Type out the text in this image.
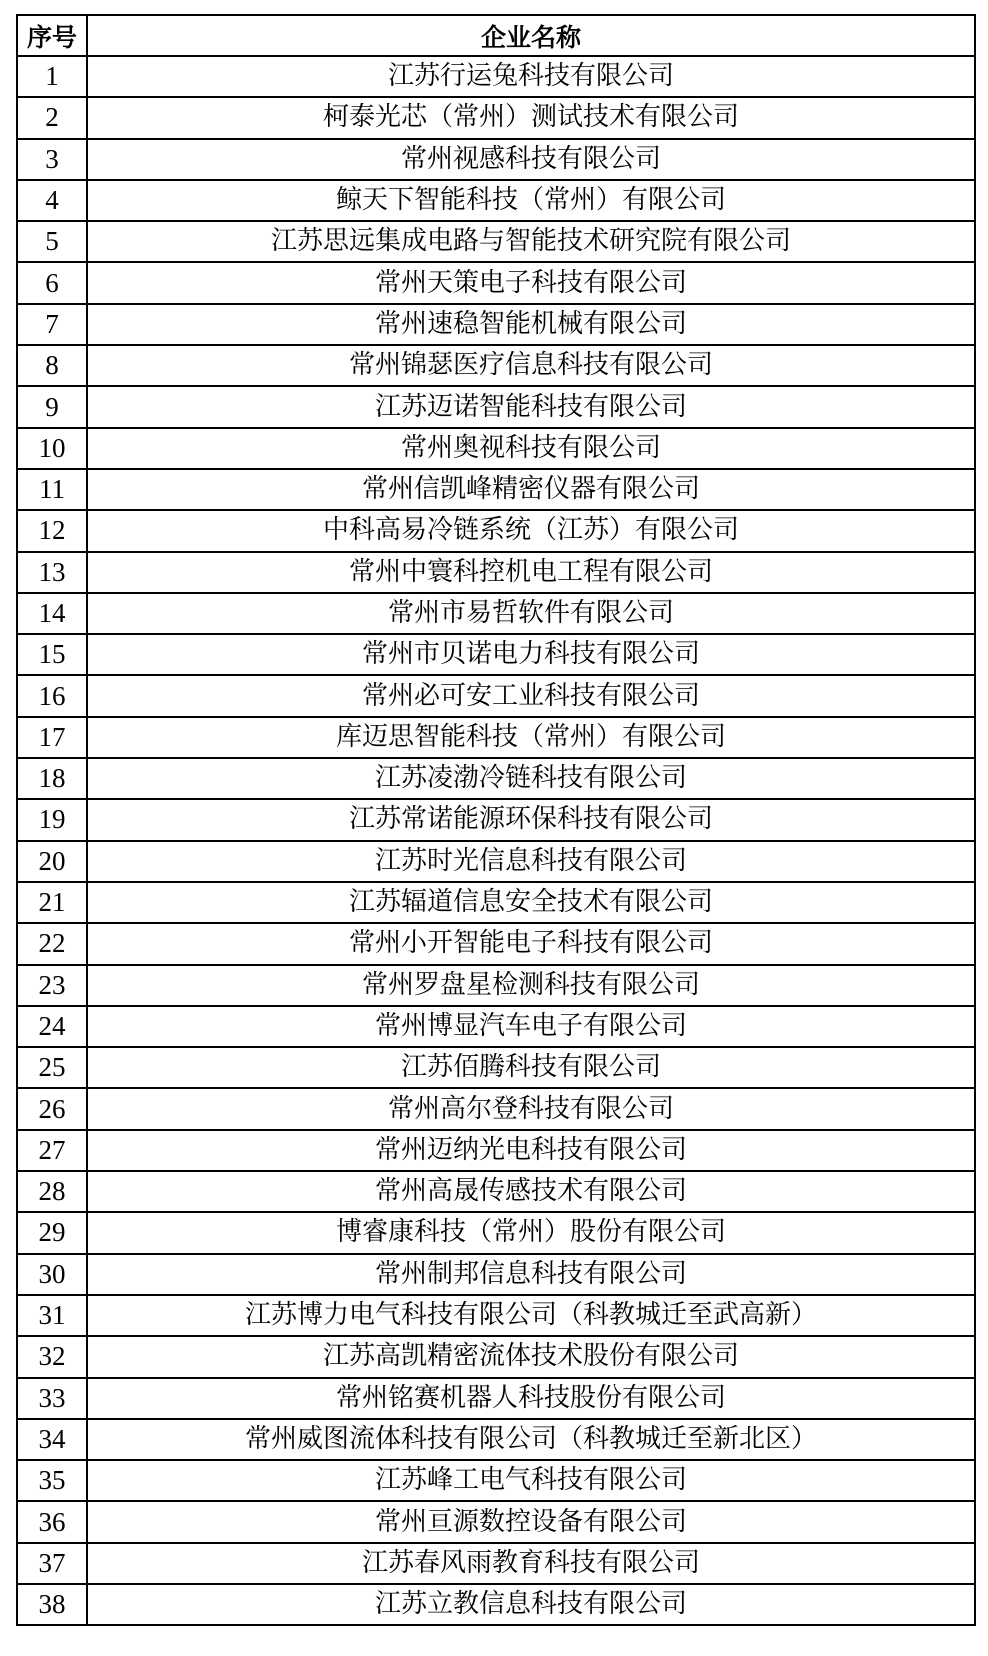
序号	企业名称
1	江苏行运兔科技有限公司
2	柯泰光芯（常州）测试技术有限公司
3	常州视感科技有限公司
4	鲸天下智能科技（常州）有限公司
5	江苏思远集成电路与智能技术研究院有限公司
6	常州天策电子科技有限公司
7	常州速稳智能机械有限公司
8	常州锦瑟医疗信息科技有限公司
9	江苏迈诺智能科技有限公司
10	常州奥视科技有限公司
11	常州信凯峰精密仪器有限公司
12	中科高易冷链系统（江苏）有限公司
13	常州中寰科控机电工程有限公司
14	常州市易哲软件有限公司
15	常州市贝诺电力科技有限公司
16	常州必可安工业科技有限公司
17	库迈思智能科技（常州）有限公司
18	江苏凌渤冷链科技有限公司
19	江苏常诺能源环保科技有限公司
20	江苏时光信息科技有限公司
21	江苏辐道信息安全技术有限公司
22	常州小开智能电子科技有限公司
23	常州罗盘星检测科技有限公司
24	常州博显汽车电子有限公司
25	江苏佰腾科技有限公司
26	常州高尔登科技有限公司
27	常州迈纳光电科技有限公司
28	常州高晟传感技术有限公司
29	博睿康科技（常州）股份有限公司
30	常州制邦信息科技有限公司
31	江苏博力电气科技有限公司（科教城迁至武高新）
32	江苏高凯精密流体技术股份有限公司
33	常州铭赛机器人科技股份有限公司
34	常州威图流体科技有限公司（科教城迁至新北区）
35	江苏峰工电气科技有限公司
36	常州亘源数控设备有限公司
37	江苏春风雨教育科技有限公司
38	江苏立教信息科技有限公司
